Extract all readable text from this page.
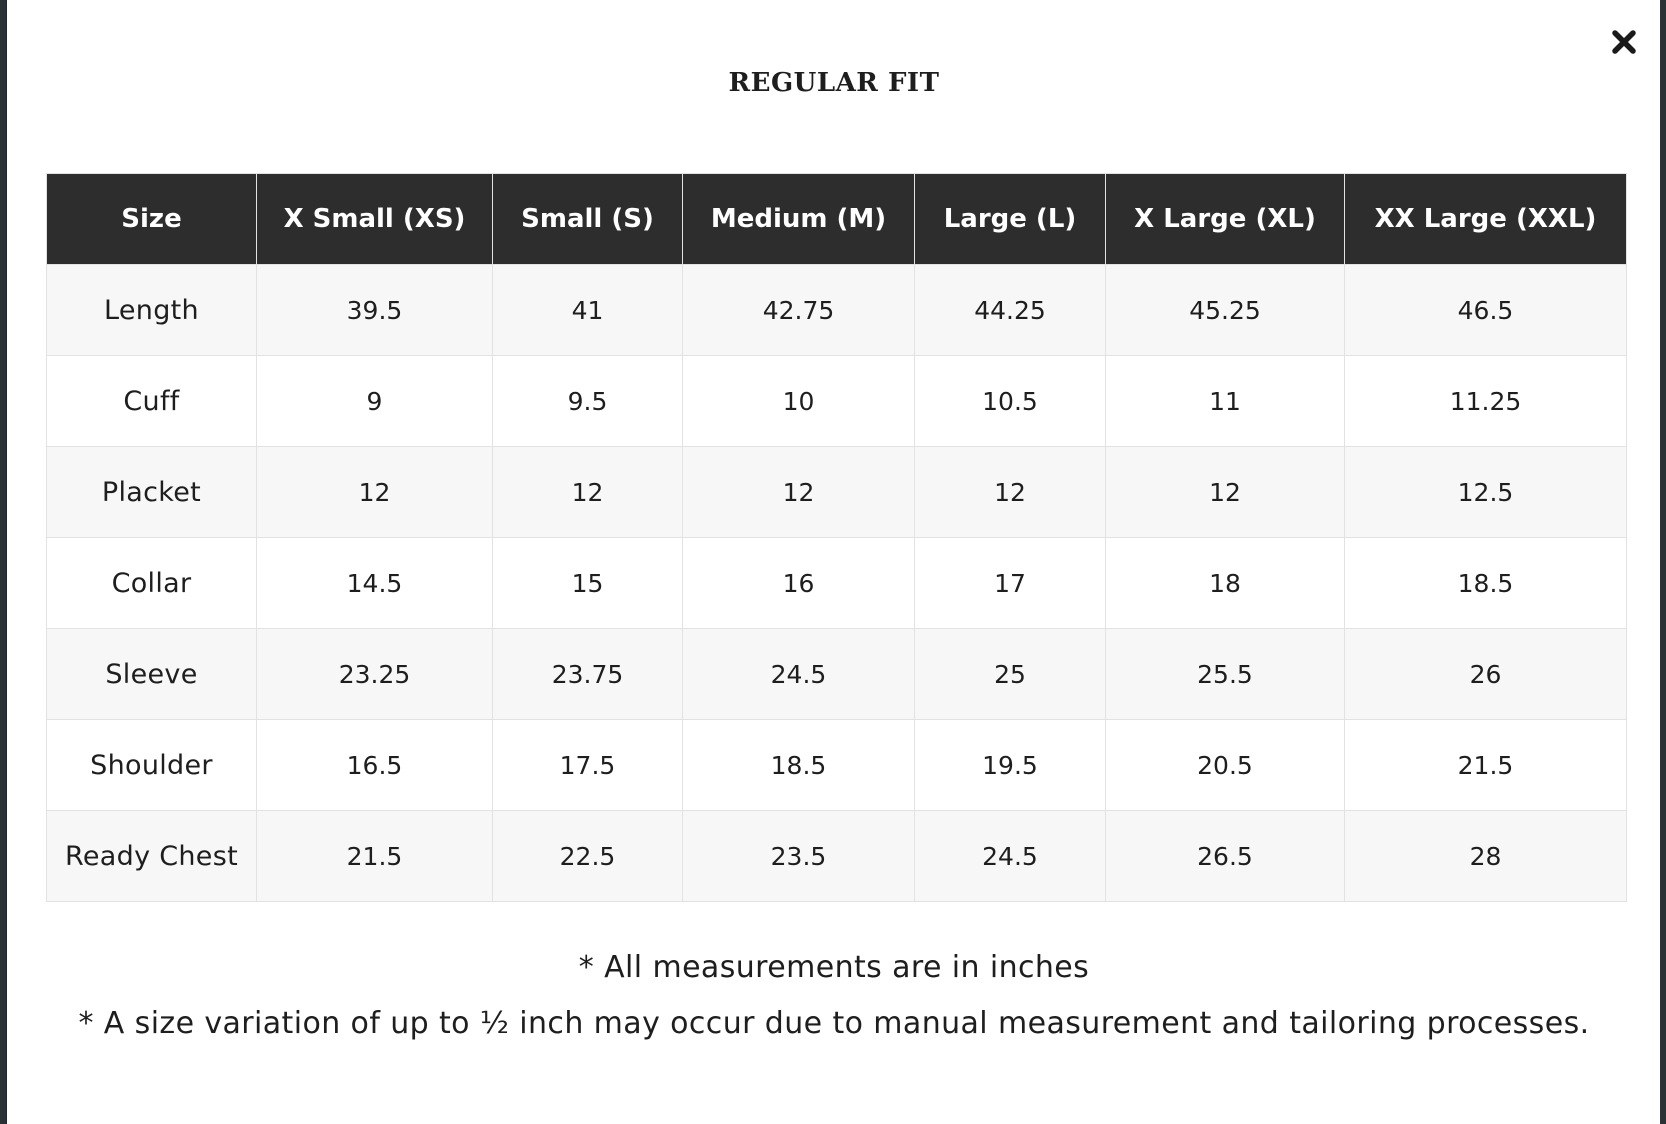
REGULAR FIT
Size	X Small (XS)	Small (S)	Medium (M)	Large (L)	X Large (XL)	XX Large (XXL)
Length	39.5	41	42.75	44.25	45.25	46.5
Cuff	9	9.5	10	10.5	11	11.25
Placket	12	12	12	12	12	12.5
Collar	14.5	15	16	17	18	18.5
Sleeve	23.25	23.75	24.5	25	25.5	26
Shoulder	16.5	17.5	18.5	19.5	20.5	21.5
Ready Chest	21.5	22.5	23.5	24.5	26.5	28

* All measurements are in inches

* A size variation of up to ½ inch may occur due to manual measurement and tailoring processes.
